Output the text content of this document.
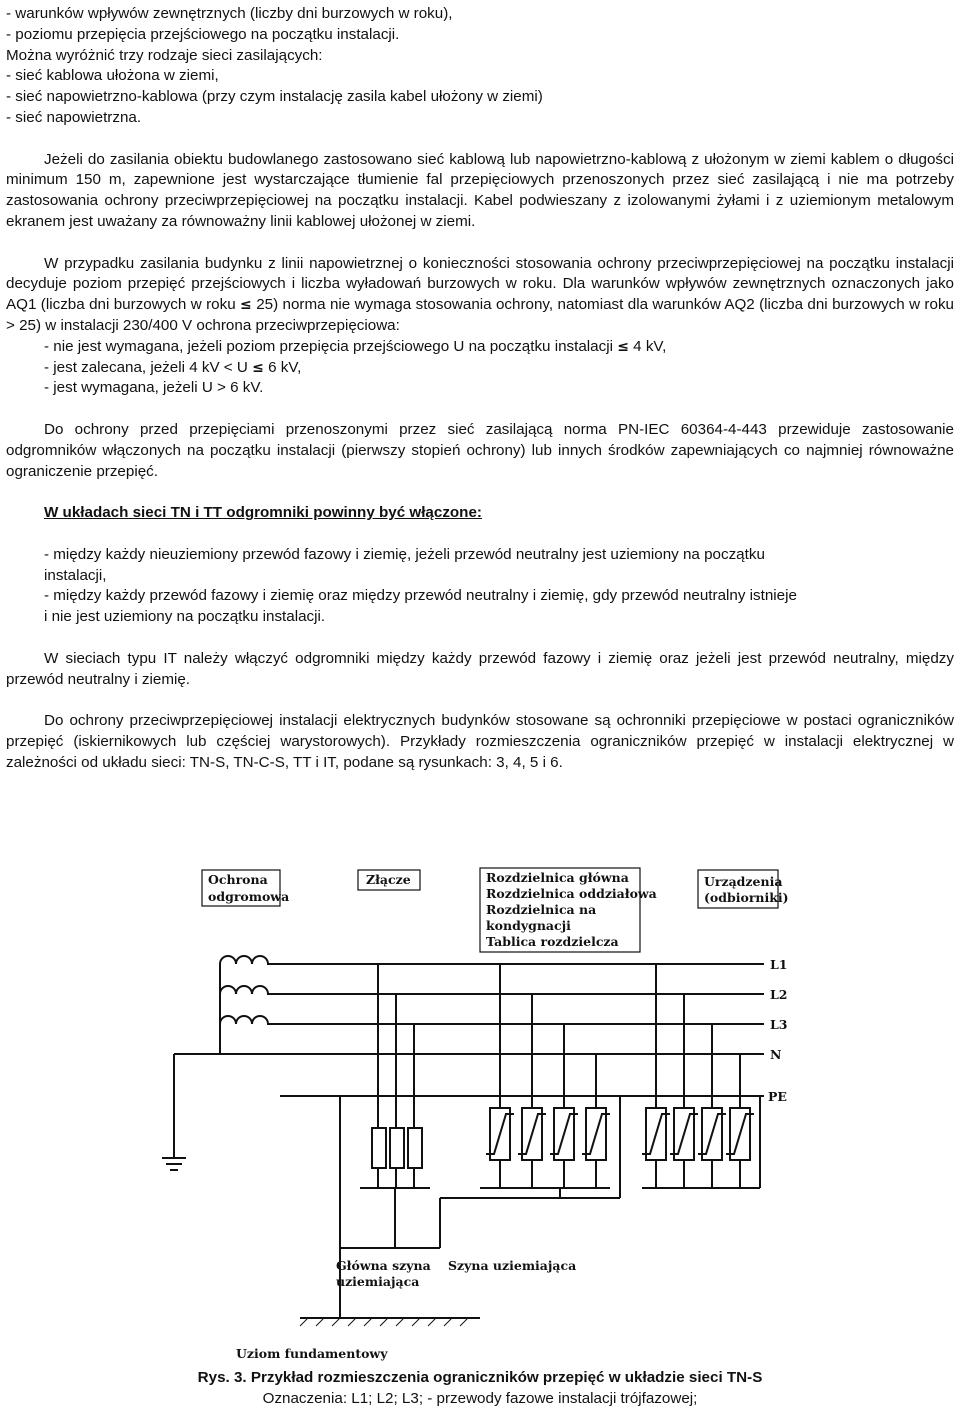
- warunków wpływów zewnętrznych (liczby dni burzowych w roku),

- poziomu przepięcia przejściowego na początku instalacji.

Można wyróżnić trzy rodzaje sieci zasilających:

- sieć kablowa ułożona w ziemi,

- sieć napowietrzno-kablowa (przy czym instalację zasila kabel ułożony w ziemi)

- sieć napowietrzna.

Jeżeli do zasilania obiektu budowlanego zastosowano sieć kablową lub napowietrzno-kablową z ułożonym w ziemi kablem o długości minimum 150 m, zapewnione jest wystarczające tłumienie fal przepięciowych przenoszonych przez sieć zasilającą i nie ma potrzeby zastosowania ochrony przeciwprzepięciowej na początku instalacji. Kabel podwieszany z izolowanymi żyłami i z uziemionym metalowym ekranem jest uważany za równoważny linii kablowej ułożonej w ziemi.

W przypadku zasilania budynku z linii napowietrznej o konieczności stosowania ochrony przeciwprzepięciowej na początku instalacji decyduje poziom przepięć przejściowych i liczba wyładowań burzowych w roku. Dla warunków wpływów zewnętrznych oznaczonych jako AQ1 (liczba dni burzowych w roku ≤ 25) norma nie wymaga stosowania ochrony, natomiast dla warunków AQ2 (liczba dni burzowych w roku > 25) w instalacji 230/400 V ochrona przeciwprzepięciowa:

- nie jest wymagana, jeżeli poziom przepięcia przejściowego U na początku instalacji ≤ 4 kV,

- jest zalecana, jeżeli 4 kV < U ≤ 6 kV,

- jest wymagana, jeżeli U > 6 kV.

Do ochrony przed przepięciami przenoszonymi przez sieć zasilającą norma PN-IEC 60364-4-443 przewiduje zastosowanie odgromników włączonych na początku instalacji (pierwszy stopień ochrony) lub innych środków zapewniających co najmniej równoważne ograniczenie przepięć.

W układach sieci TN i TT odgromniki powinny być włączone:

- między każdy nieuziemiony przewód fazowy i ziemię, jeżeli przewód neutralny jest uziemiony na początku

instalacji,

- między każdy przewód fazowy i ziemię oraz między przewód neutralny i ziemię, gdy przewód neutralny istnieje

i nie jest uziemiony na początku instalacji.

W sieciach typu IT należy włączyć odgromniki między każdy przewód fazowy i ziemię oraz jeżeli jest przewód neutralny, między przewód neutralny i ziemię.

Do ochrony przeciwprzepięciowej instalacji elektrycznych budynków stosowane są ochronniki przepięciowe w postaci ograniczników przepięć (iskiernikowych lub częściej warystorowych). Przykłady rozmieszczenia ograniczników przepięć w instalacji elektrycznej w zależności od układu sieci: TN-S, TN-C-S, TT i IT, podane są rysunkach: 3, 4, 5 i 6.

Ochrona
odgromowa
Złącze	Rozdzielnica główna
Rozdzielnica oddziałowa
Rozdzielnica na
kondygnacji
Tablica rozdzielcza
Urządzenia
(odbiorniki)
L1
L2
L3
N
PE
Główna szyna
uziemiająca
Szyna uziemiająca
Uziom fundamentowy

Rys. 3. Przykład rozmieszczenia ograniczników przepięć w układzie sieci TN-S

Oznaczenia: L1; L2; L3; - przewody fazowe instalacji trójfazowej;
